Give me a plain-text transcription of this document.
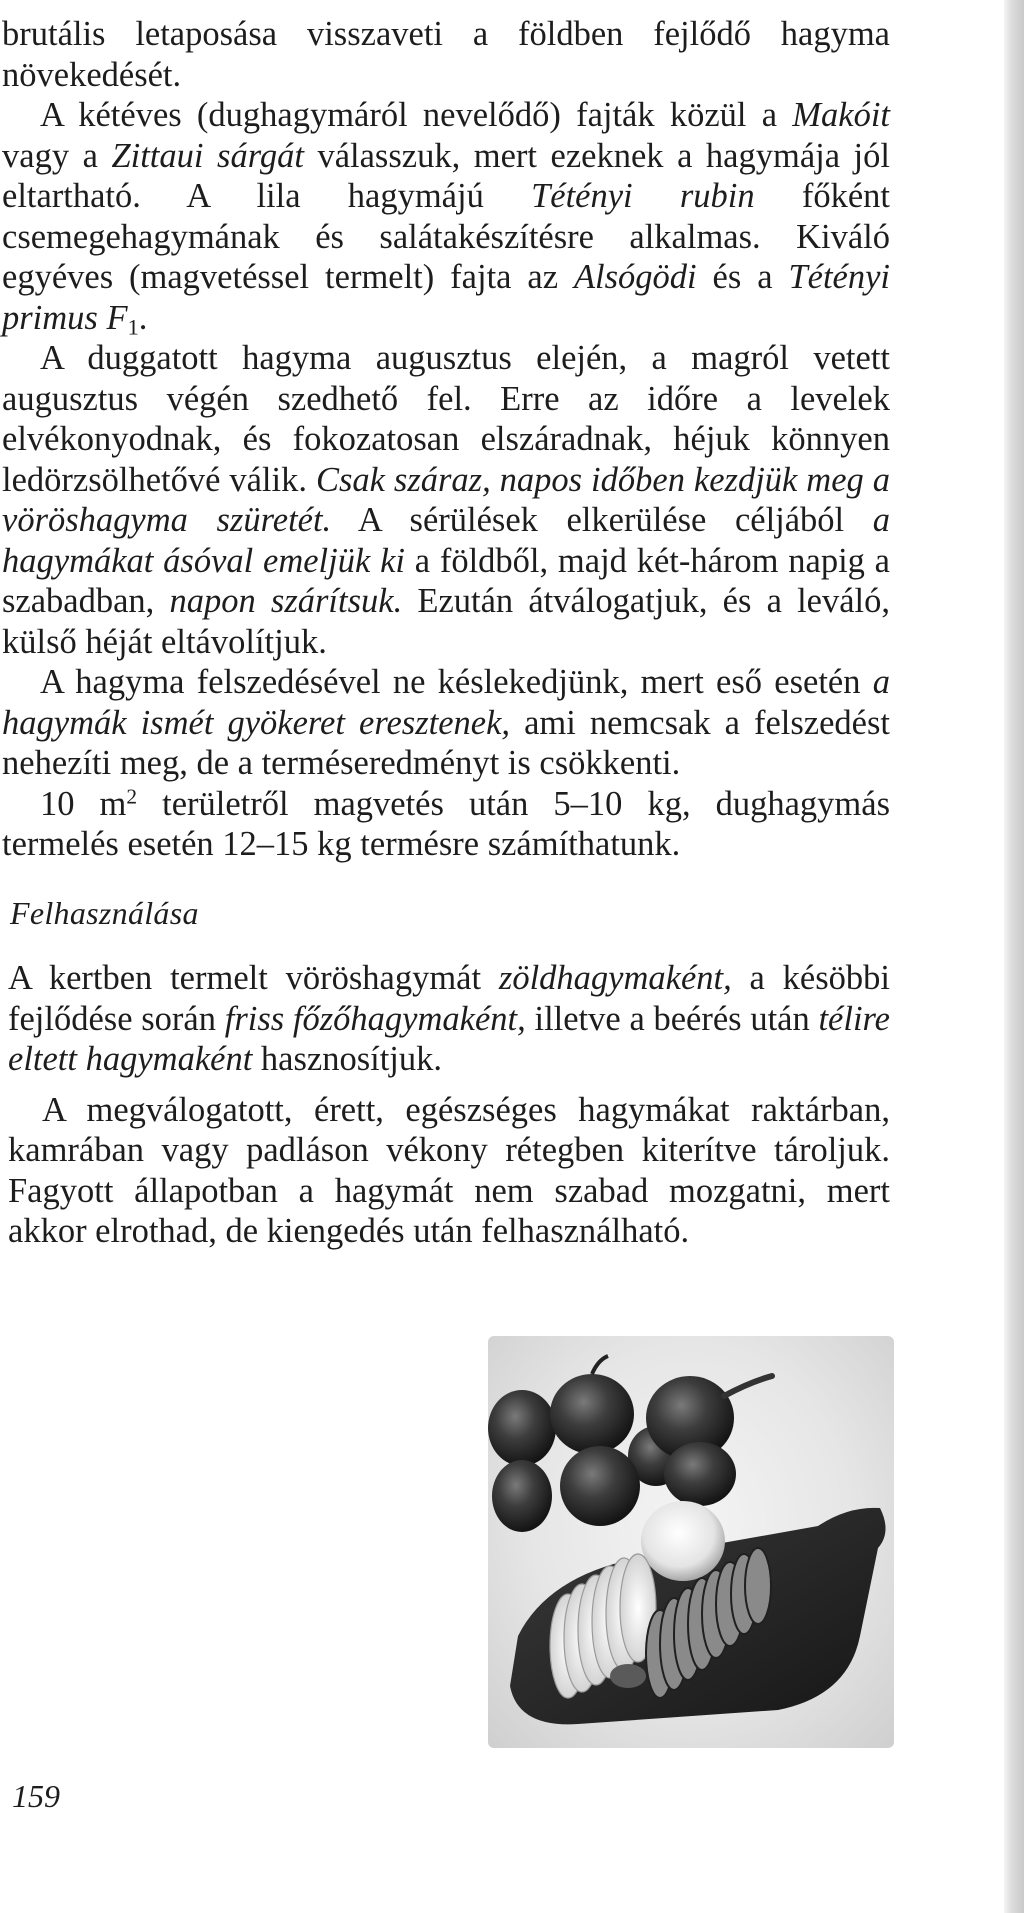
brutális letaposása visszaveti a földben fejlődő hagyma növekedését.

A kétéves (dughagymáról nevelődő) fajták közül a Makóit vagy a Zittaui sárgát válasszuk, mert ezeknek a hagymája jól eltartható. A lila hagymájú Tétényi rubin főként csemegehagymának és salátakészítésre alkalmas. Kiváló egyéves (magvetéssel termelt) fajta az Alsógödi és a Tétényi primus $F_1$.

A duggatott hagyma augusztus elején, a magról vetett augusztus végén szedhető fel. Erre az időre a levelek elvékonyodnak, és fokozatosan elszáradnak, héjuk könnyen ledörzsölhetővé válik. Csak száraz, napos időben kezdjük meg a vöröshagyma szüretét. A sérülések elkerülése céljából a hagymákat ásóval emeljük ki a földből, majd két-három napig a szabadban, napon szárítsuk. Ezután átválogatjuk, és a leváló, külső héját eltávolítjuk.

A hagyma felszedésével ne késlekedjünk, mert eső esetén a hagymák ismét gyökeret eresztenek, ami nemcsak a felszedést nehezíti meg, de a terméseredményt is csökkenti.

10 $m^2$ területről magvetés után 5–10 kg, dughagymás termelés esetén 12–15 kg termésre számíthatunk.

Felhasználása

A kertben termelt vöröshagymát zöldhagymaként, a késöbbi fejlődése során friss főzőhagymaként, illetve a beérés után télire eltett hagymaként hasznosítjuk.

A megválogatott, érett, egészséges hagymákat raktárban, kamrában vagy padláson vékony rétegben kiterítve tároljuk. Fagyott állapotban a hagymát nem szabad mozgatni, mert akkor elrothad, de kiengedés után felhasználható.

159
